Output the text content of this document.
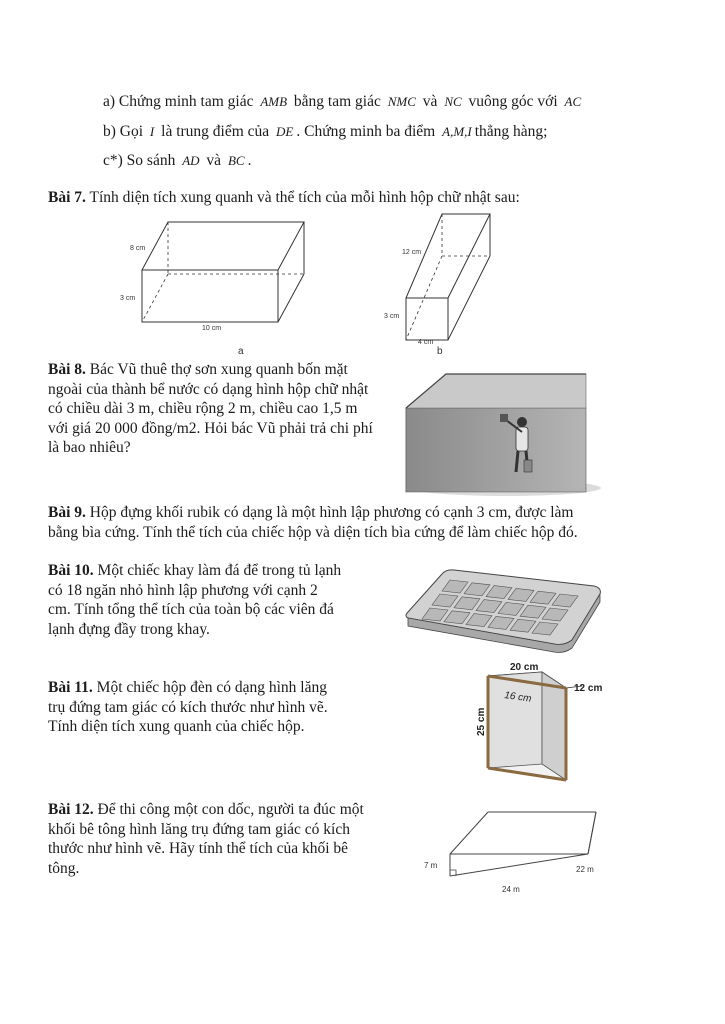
a) Chứng minh tam giác AMB bằng tam giác NMC và NC vuông góc với AC
b) Gọi I là trung điểm của DE . Chứng minh ba điểm A,M,I thẳng hàng;
c*) So sánh AD và BC .
Bài 7. Tính diện tích xung quanh và thể tích của mỗi hình hộp chữ nhật sau:
8 cm
3 cm
10 cm
a
12 cm
3 cm
4 cm
b
Bài 8. Bác Vũ thuê thợ sơn xung quanh bốn mặt
ngoài của thành bể nước có dạng hình hộp chữ nhật
có chiều dài 3 m, chiều rộng 2 m, chiều cao 1,5 m
với giá 20 000 đồng/m2. Hỏi bác Vũ phải trả chi phí
là bao nhiêu?
Bài 9. Hộp đựng khối rubik có dạng là một hình lập phương có cạnh 3 cm, được làm
bằng bìa cứng. Tính thể tích của chiếc hộp và diện tích bìa cứng để làm chiếc hộp đó.
Bài 10. Một chiếc khay làm đá để trong tủ lạnh
có 18 ngăn nhỏ hình lập phương với cạnh 2
cm. Tính tổng thể tích của toàn bộ các viên đá
lạnh đựng đầy trong khay.
Bài 11. Một chiếc hộp đèn có dạng hình lăng
trụ đứng tam giác có kích thước như hình vẽ.
Tính diện tích xung quanh của chiếc hộp.
20 cm
12 cm
16 cm
25 cm
Bài 12. Để thi công một con dốc, người ta đúc một
khối bê tông hình lăng trụ đứng tam giác có kích
thước như hình vẽ. Hãy tính thể tích của khối bê
tông.	7 m	22 m
24 m
